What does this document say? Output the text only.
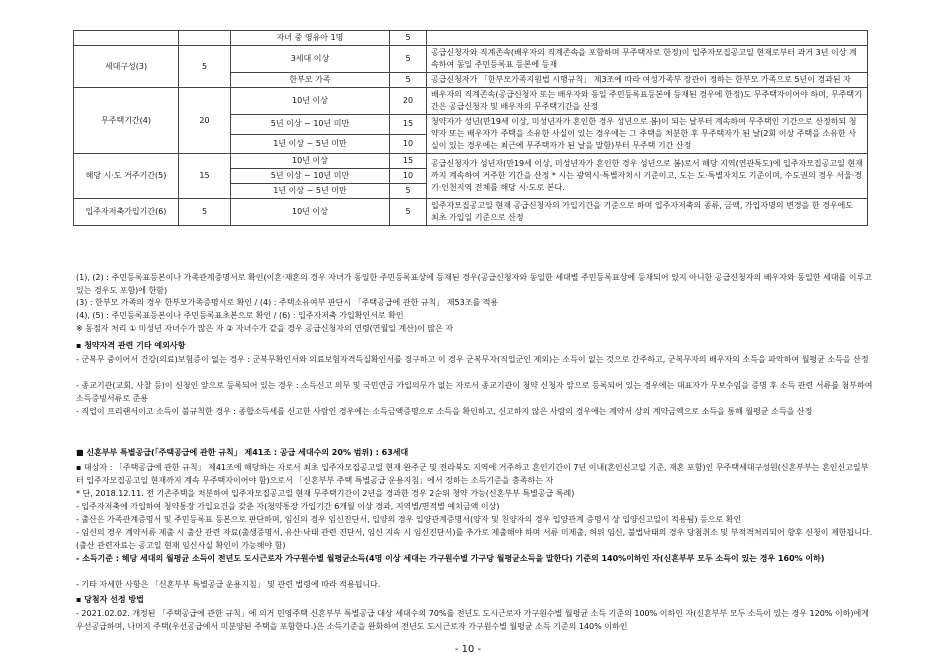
		자녀 중 영유아 1명	5	
세대구성(3)	5	3세대 이상	5	공급신청자와 직계존속(배우자의 직계존속을 포함하며 무주택자로 한정)이 입주자모집공고일 현재로부터 과거 3년 이상 계속하여 동일 주민등록표 등본에 등재
		한부모 가족	5	공급신청자가 「한부모가족지원법 시행규칙」 제3조에 따라 여성가족부 장관이 정하는 한부모 가족으로 5년이 경과된 자
무주택기간(4)	20	10년 이상	20	배우자의 직계존속(공급신청자 또는 배우자와 동일 주민등록표등본에 등재된 경우에 한정)도 무주택자이어야 하며, 무주택기간은 공급신청자 및 배우자의 무주택기간을 산정
		5년 이상 ~ 10년 미만	15	청약자가 성년(만19세 이상, 미성년자가 혼인한 경우 성년으로 봄)이 되는 날부터 계속하여 무주택인 기간으로 산정하되 청약자 또는 배우자가 주택을 소유한 사실이 있는 경우에는 그 주택을 처분한 후 무주택자가 된 날(2회 이상 주택을 소유한 사실이 있는 경우에는 최근에 무주택자가 된 날을 말함)부터 무주택 기간 산정
		1년 이상 ~ 5년 미만	10	
해당 시·도 거주기간(5)	15	10년 이상	15	공급신청자가 성년자(만19세 이상, 미성년자가 혼인한 경우 성년으로 봄)로서 해당 지역(연관특도)에 입주자모집공고일 현재까지 계속하여 거주한 기간을 산정 * 시는 광역시·특별자치시 기준이고, 도는 도·특별자치도 기준이며, 수도권의 경우 서울·경기·인천지역 전체를 해당 시·도로 본다.
		5년 이상 ~ 10년 미만	10	
		1년 이상 ~ 5년 미만	5	
입주자저축가입기간(6)	5	10년 이상	5	입주자모집공고일 현재 공급신청자의 가입기간을 기준으로 하며 입주자저축의 종류, 금액, 가입자명의 변경을 한 경우에도 최초 가입일 기준으로 산정
(1), (2) : 주민등록표등본이나 가족관계증명서로 확인(이혼·재혼의 경우 자녀가 동일한 주민등록표상에 등재된 경우(공급신청자와 동일한 세대별 주민등록표상에 등재되어 있지 아니한 공급신청자의 배우자와 동일한 세대를 이루고 있는 경우도 포함)에 한함)
(3) : 한부모 가족의 경우 한부모가족증명서로 확인 / (4) : 주택소유여부 판단시 「주택공급에 관한 규칙」 제53조를 적용
(4), (5) : 주민등록표등본이나 주민등록표초본으로 확인 / (6) : 입주자저축 가입확인서로 확인
※ 동점자 처리 ① 미성년 자녀수가 많은 자 ② 자녀수가 같을 경우 공급신청자의 연령(연월일 계산)이 많은 자
▪ 청약자격 관련 기타 예외사항
- 군복무 중이어서 건강(의료)보험증이 없는 경우 : 군복무확인서와 의료보험자격득실확인서를 징구하고 이 경우 군복무자(직업군인 제외)는 소득이 없는 것으로 간주하고, 군복무자의 배우자의 소득을 파악하여 월평균 소득을 산정
- 종교기관(교회, 사찰 등)이 신청인 앞으로 등록되어 있는 경우 : 소득신고 의무 및 국민연금 가입의무가 없는 자로서 종교기관이 청약 신청자 앞으로 등록되어 있는 경우에는 대표자가 무보수임을 증명 후 소득 관련 서류를 첨부하여 소득증빙서류로 준용
- 직업이 프리랜서이고 소득이 불규칙한 경우 : 종합소득세를 신고한 사람인 경우에는 소득금액증명으로 소득을 확인하고, 신고하지 않은 사람의 경우에는 계약서 상의 계약금액으로 소득을 통해 월평균 소득을 산정
■ 신혼부부 특별공급(「주택공급에 관한 규칙」 제41조 : 공급 세대수의 20% 범위) : 63세대
▪ 대상자 : 「주택공급에 관한 규칙」 제41조에 해당하는 자로서 최초 입주자모집공고일 현재 완주군 및 전라북도 지역에 거주하고 혼인기간이 7년 이내(혼인신고일 기준, 재혼 포함)인 무주택세대구성원(신혼부부는 혼인신고일부터 입주자모집공고일 현재까지 계속 무주택자이어야 함)으로서 「신혼부부 주택 특별공급 운용지침」에서 정하는 소득기준을 충족하는 자
* 단, 2018.12.11. 전 기존주택을 처분하여 입주자모집공고일 현재 무주택기간이 2년을 경과한 경우 2순위 청약 가능(신혼부부 특별공급 특례)
- 입주자저축에 가입하여 청약통장 가입요건을 갖춘 자(청약통장 가입기간 6개월 이상 경과, 지역별/면적별 예치금액 이상)
- 출산은 가족관계증명서 및 주민등록표 등본으로 판단하며, 임신의 경우 임신진단서, 입양의 경우 입양관계증명서(양자 및 친양자의 경우 입양관계 증명서 상 입양신고일이 적용됨) 등으로 확인
- 임신의 경우 계약서류 제출 시 출산 관련 자료(출생증명서, 유산·낙태 관련 진단서, 임신 지속 시 임신진단서)를 추가로 제출해야 하며 서류 미제출, 허위 임신, 불법낙태의 경우 당첨취소 및 부적격처리되어 향후 신청이 제한됩니다. (출산 관련자료는 공고일 현재 임신사실 확인이 가능해야 함)
- 소득기준 : 해당 세대의 월평균 소득이 전년도 도시근로자 가구원수별 월평균소득(4명 이상 세대는 가구원수별 가구당 월평균소득을 말한다) 기준의 140%이하인 자(신혼부부 모두 소득이 있는 경우 160% 이하)
- 기타 자세한 사항은 「신혼부부 특별공급 운용지침」 및 관련 법령에 따라 적용됩니다.
▪ 당첨자 선정 방법
- 2021.02.02. 개정된 「주택공급에 관한 규칙」에 의거 민영주택 신혼부부 특별공급 대상 세대수의 70%를 전년도 도시근로자 가구원수별 월평균 소득 기준의 100% 이하인 자(신혼부부 모두 소득이 있는 경우 120% 이하)에게 우선공급하며, 나머지 주택(우선공급에서 미분양된 주택을 포함한다.)은 소득기준을 완화하여 전년도 도시근로자 가구원수별 월평균 소득 기준의 140% 이하인
- 10 -
